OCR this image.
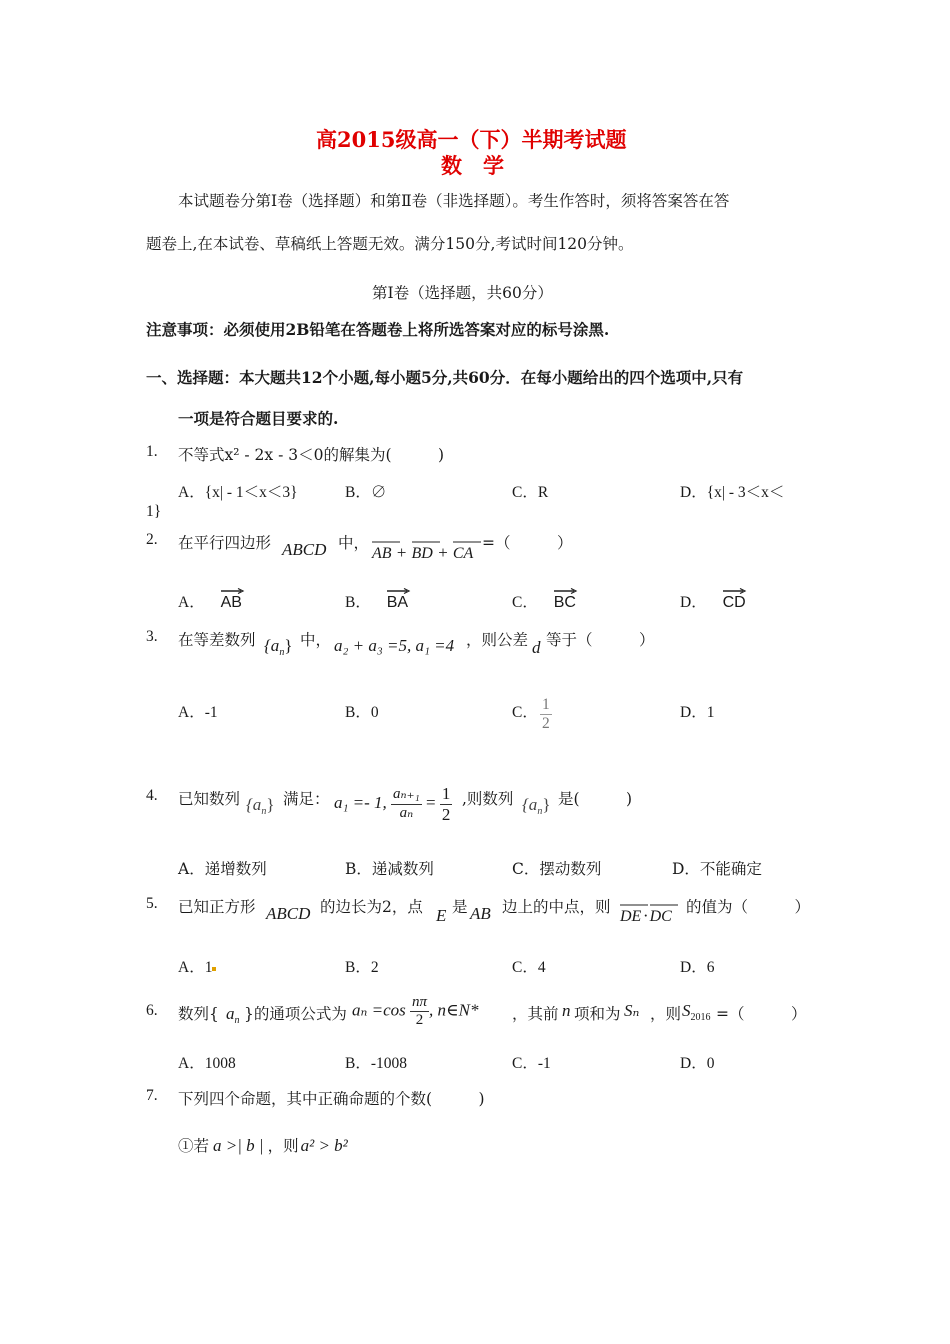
高2015级高一（下）半期考试题
数　学
本试题卷分第Ⅰ卷（选择题）和第Ⅱ卷（非选择题）。考生作答时，须将答案答在答
题卷上,在本试卷、草稿纸上答题无效。满分150分,考试时间120分钟。
第Ⅰ卷（选择题，共60分）
注意事项：必须使用2B铅笔在答题卷上将所选答案对应的标号涂黑.
一、选择题：本大题共12个小题,每小题5分,共60分．在每小题给出的四个选项中,只有
一项是符合题目要求的.
1. 不等式x² - 2x - 3＜0的解集为(　　　)
A．{x| - 1＜x＜3}	B．∅	C．R	D．{x| - 3＜x＜
1}
2. 在平行四边形 ABCD 中，
AB + BD + CA
=（　　　）
A． AB	B． BA	C． BC	D． CD
3. 在等差数列 $\{a_n\}$ 中， a₂ + a₃ =5, a₁ =4 ，则公差 d 等于（　　　）
A．-1	B．0	C． $\frac{1}{2}$	D．1
4. 已知数列 $\{a_n\}$ 满足： a₁ =- 1, $\frac{\text{aₙ₊₁}}{\text{aₙ}} = \frac{1}{2}$ ,则数列 $\{a_n\}$ 是(　　　)
A．递增数列	B．递减数列	C．摆动数列	D．不能确定
5. 已知正方形 ABCD 的边长为2，点 E 是 AB 边上的中点，则
DE · DC
的值为（　　　）
A．1	B．2	C．4	D．6
6. 数列{ $a_n$ }的通项公式为 $a_n =\cos \frac{n\pi}{2}$ , n∈N* ，其前 n 项和为 Sₙ ，则 $S_{2016}$ =（　　　）
A．1008	B．-1008	C．-1	D．0
7. 下列四个命题，其中正确命题的个数(　　　)
①若 a >| b | ，则 a² > b²
